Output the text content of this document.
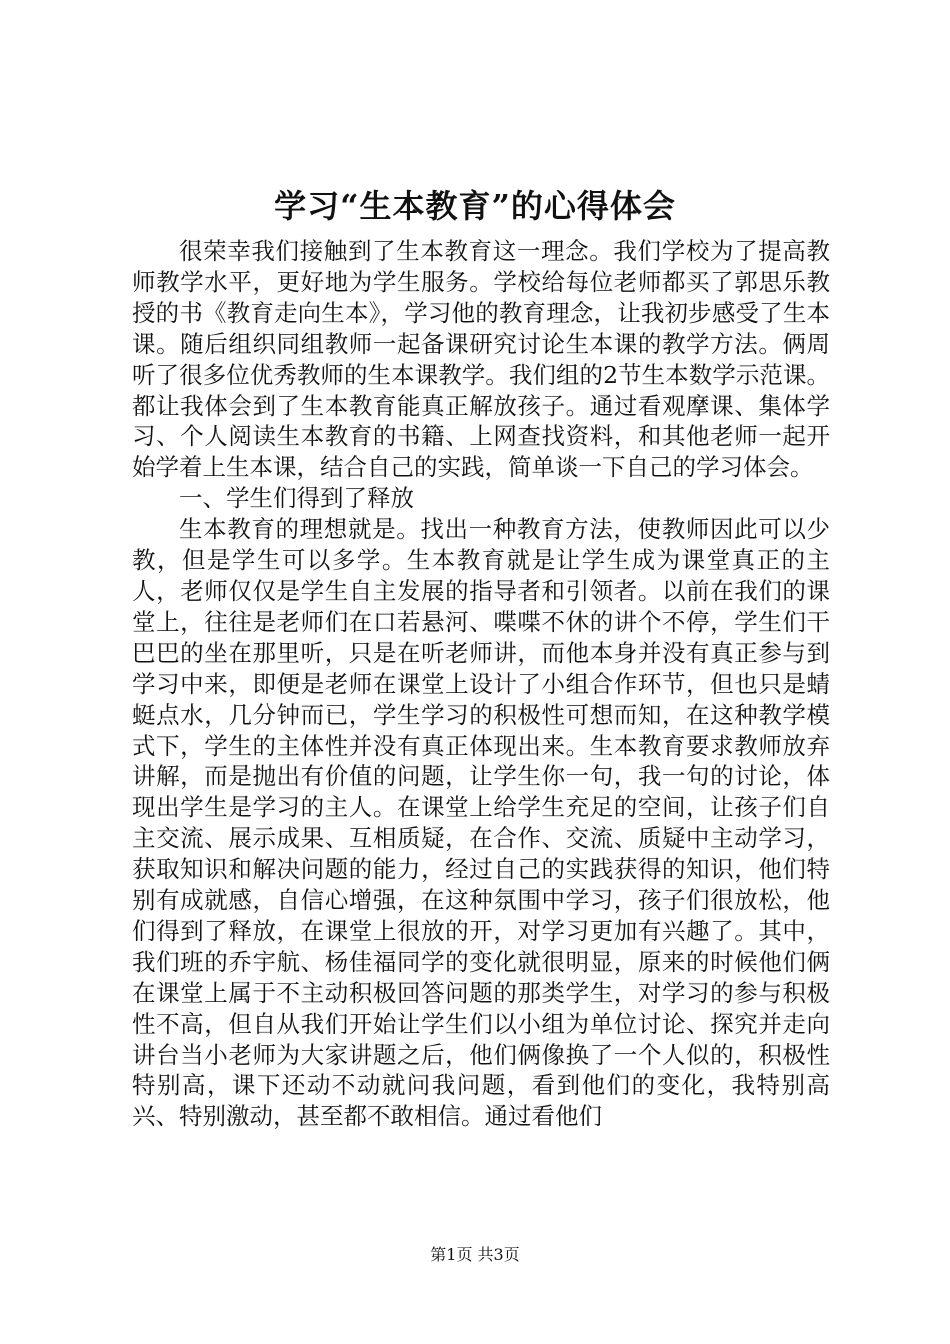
学习“生本教育”的心得体会

很荣幸我们接触到了生本教育这一理念。我们学校为了提高教师教学水平，更好地为学生服务。学校给每位老师都买了郭思乐教授的书《教育走向生本》，学习他的教育理念，让我初步感受了生本课。随后组织同组教师一起备课研究讨论生本课的教学方法。俩周听了很多位优秀教师的生本课教学。我们组的2节生本数学示范课。都让我体会到了生本教育能真正解放孩子。通过看观摩课、集体学习、个人阅读生本教育的书籍、上网查找资料，和其他老师一起开始学着上生本课，结合自己的实践，简单谈一下自己的学习体会。

一、学生们得到了释放

生本教育的理想就是。找出一种教育方法，使教师因此可以少教，但是学生可以多学。生本教育就是让学生成为课堂真正的主人，老师仅仅是学生自主发展的指导者和引领者。以前在我们的课堂上，往往是老师们在口若悬河、喋喋不休的讲个不停，学生们干巴巴的坐在那里听，只是在听老师讲，而他本身并没有真正参与到学习中来，即便是老师在课堂上设计了小组合作环节，但也只是蜻蜓点水，几分钟而已，学生学习的积极性可想而知，在这种教学模式下，学生的主体性并没有真正体现出来。生本教育要求教师放弃讲解，而是抛出有价值的问题，让学生你一句，我一句的讨论，体现出学生是学习的主人。在课堂上给学生充足的空间，让孩子们自主交流、展示成果、互相质疑，在合作、交流、质疑中主动学习，获取知识和解决问题的能力，经过自己的实践获得的知识，他们特别有成就感，自信心增强，在这种氛围中学习，孩子们很放松，他们得到了释放，在课堂上很放的开，对学习更加有兴趣了。其中，我们班的乔宇航、杨佳福同学的变化就很明显，原来的时候他们俩在课堂上属于不主动积极回答问题的那类学生，对学习的参与积极性不高，但自从我们开始让学生们以小组为单位讨论、探究并走向讲台当小老师为大家讲题之后，他们俩像换了一个人似的，积极性特别高，课下还动不动就问我问题，看到他们的变化，我特别高兴、特别激动，甚至都不敢相信。通过看他们

第1页 共3页
